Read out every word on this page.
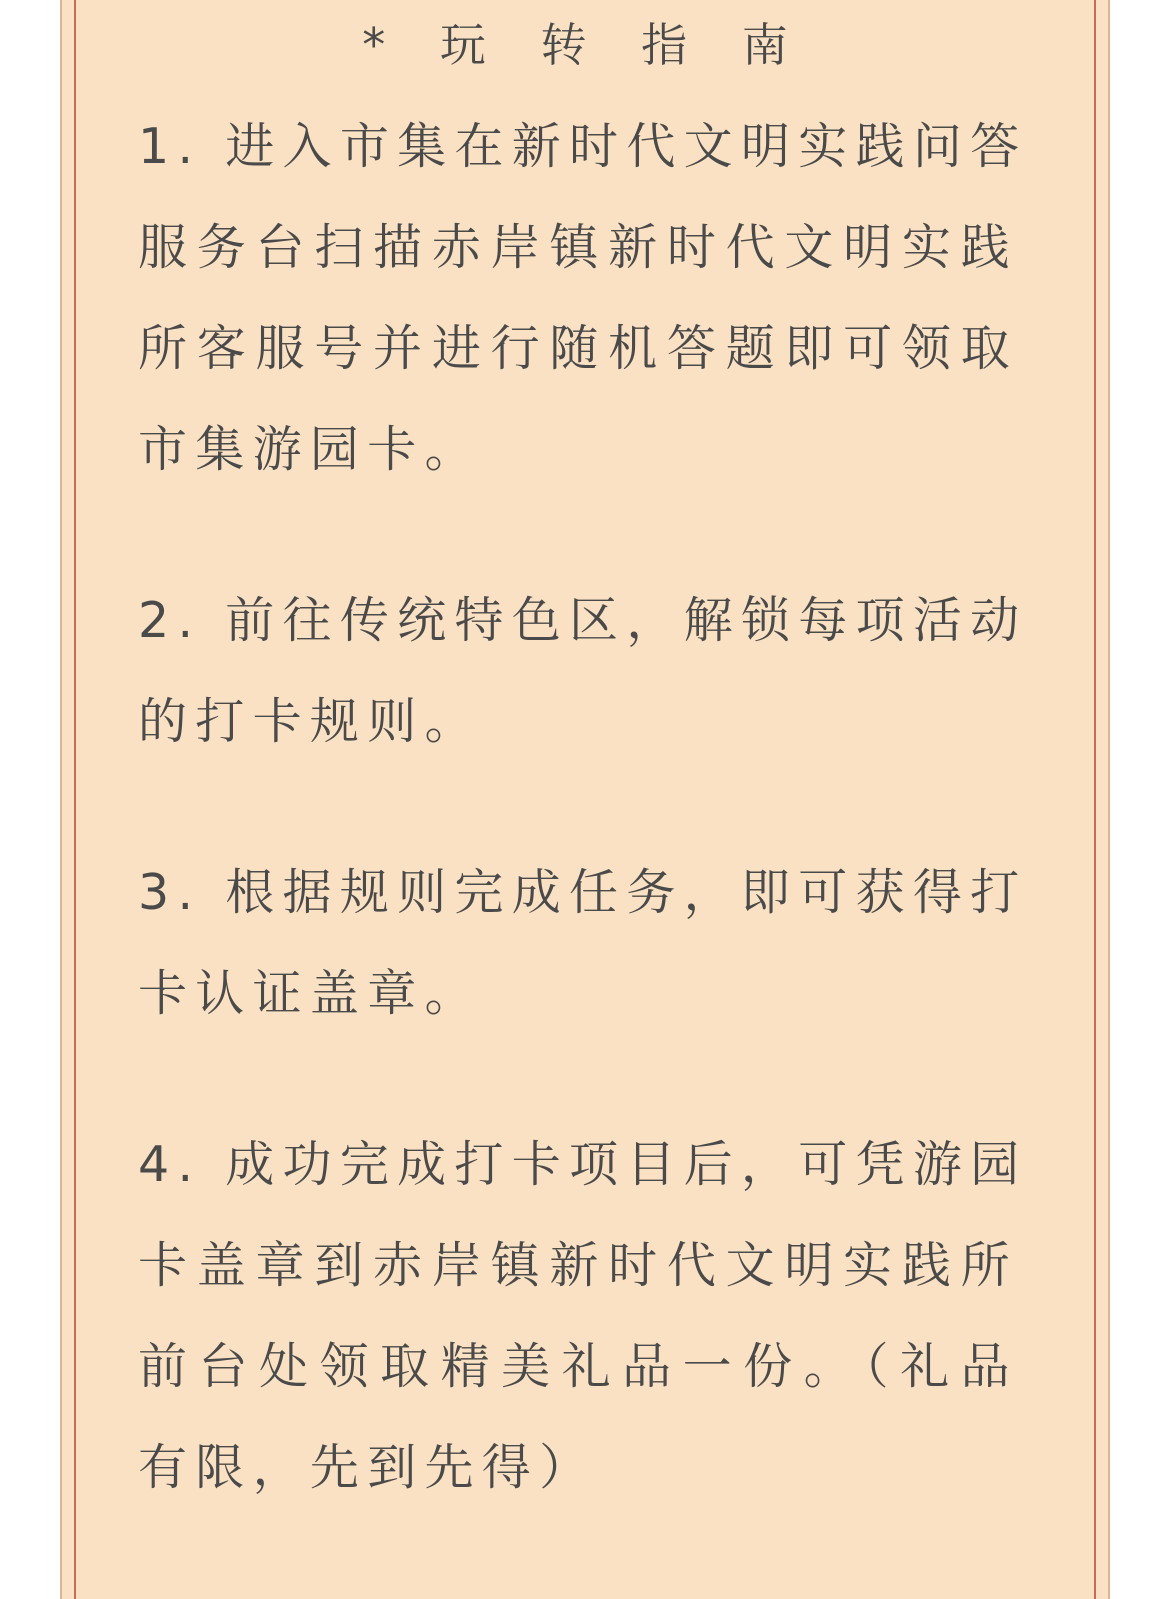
* 玩 转 指 南
1. 进入市集在新时代文明实践问答
服务台扫描赤岸镇新时代文明实践
所客服号并进行随机答题即可领取
市集游园卡。
2. 前往传统特色区，解锁每项活动
的打卡规则。
3. 根据规则完成任务，即可获得打
卡认证盖章。
4. 成功完成打卡项目后，可凭游园
卡盖章到赤岸镇新时代文明实践所
前台处领取精美礼品一份。（礼品
有限，先到先得）
